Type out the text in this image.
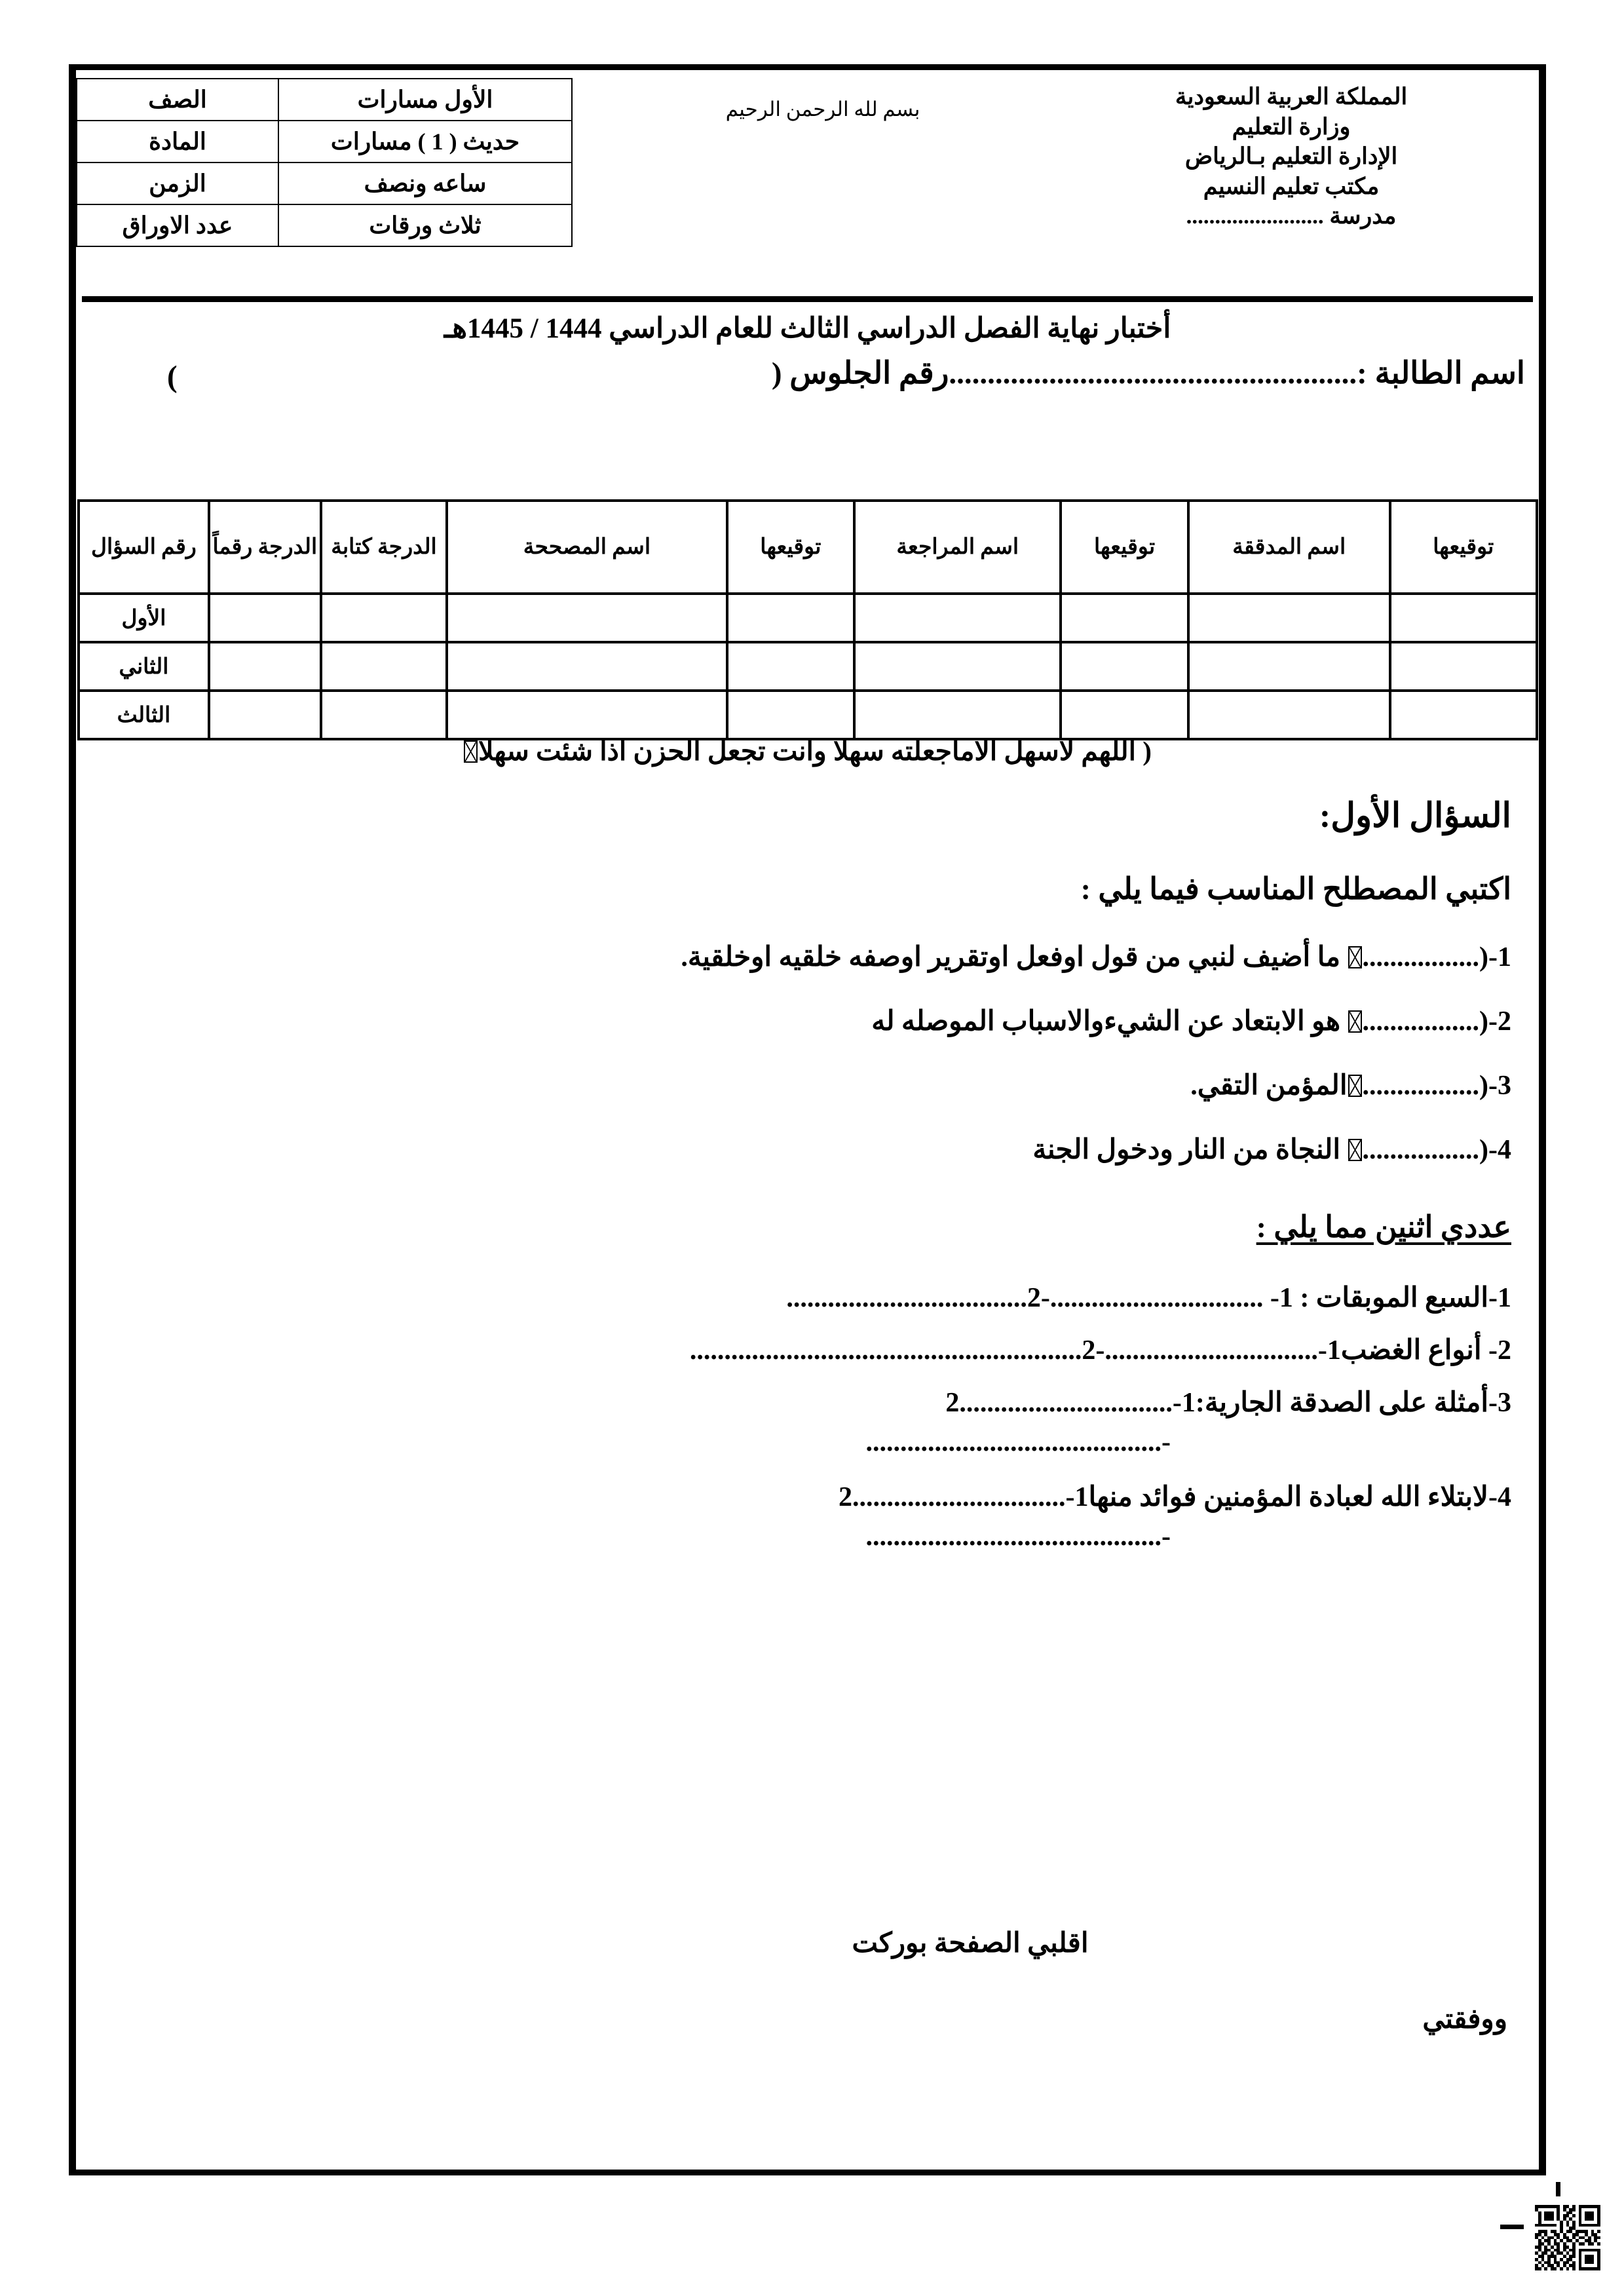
الأول مسارات	الصف
حديث ( 1 ) مسارات	المادة
ساعه ونصف	الزمن
ثلاث ورقات	عدد الاوراق
بسم لله الرحمن الرحيم	المملكة العربية السعودية
وزارة التعليم
الإدارة التعليم بـالرياض
مكتب تعليم النسيم
مدرسة ........................
أختبار نهاية الفصل الدراسي الثالث للعام الدراسي 1444 / 1445هـ
اسم الطالبة :.....................................................رقم الجلوس (
)
توقيعها	اسم المدققة	توقيعها	اسم المراجعة	توقيعها	اسم المصححة	الدرجة كتابة	الدرجة رقماً	رقم السؤال
								الأول
								الثاني
								الثالث
( اللهم لاسهل الاماجعلته سهلا وانت تجعل الحزن اذا شئت سهلا
السؤال الأول:
اكتبي المصطلح المناسب فيما يلي :
1-(................. ما أضيف لنبي من قول اوفعل اوتقرير اوصفه خلقيه اوخلقية.
2-(................. هو الابتعاد عن الشيءوالاسباب الموصله له
3-(.................المؤمن التقي.
4-(................. النجاة من النار ودخول الجنة
عددي اثنين مما يلي :
1-السبع الموبقات : 1- ...............................-2...................................
2- أنواع الغضب1-...............................-2.........................................................
3-أمثلة على الصدقة الجارية:1-...............................2
-...........................................
4-لابتلاء الله لعبادة المؤمنين فوائد منها1-...............................2
-...........................................
اقلبي الصفحة بوركت
ووفقتي
